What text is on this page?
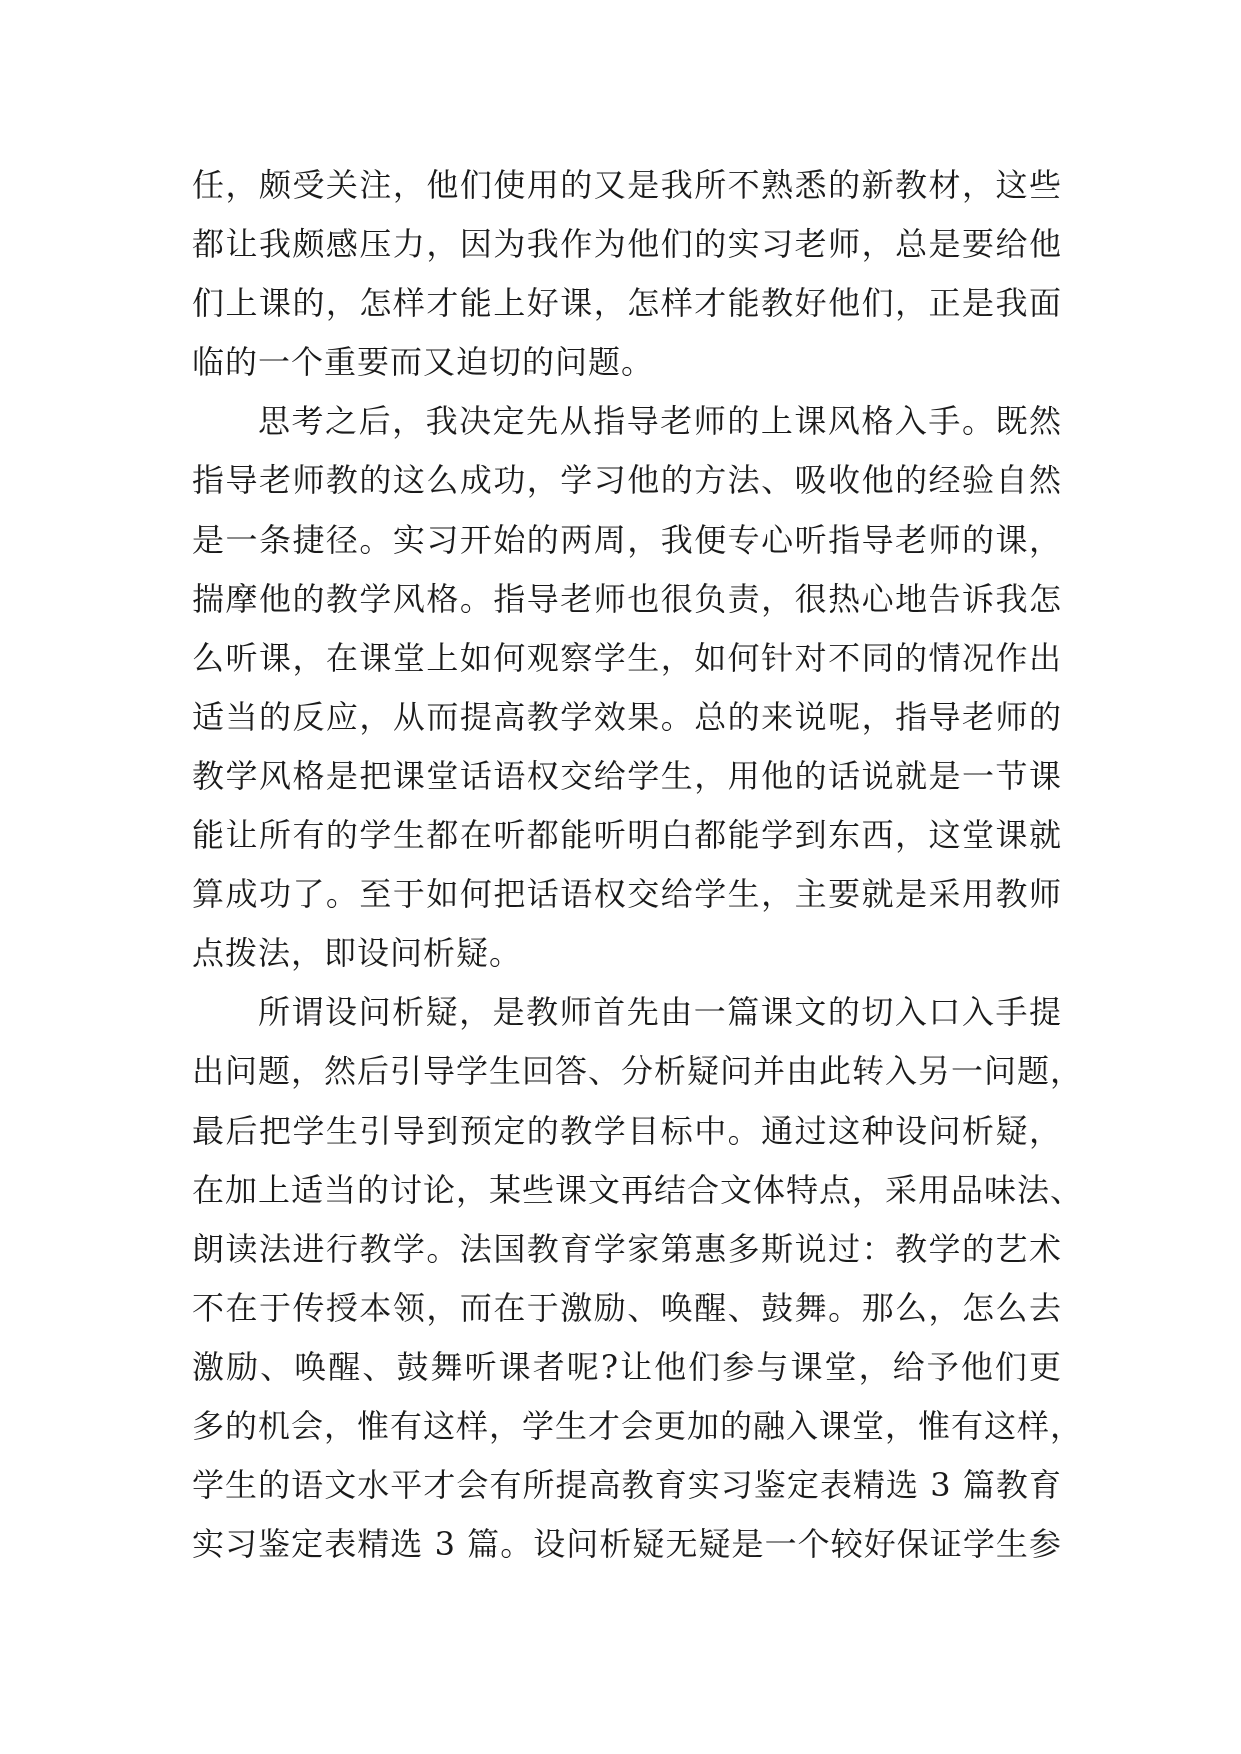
任，颇受关注，他们使用的又是我所不熟悉的新教材，这些
都让我颇感压力，因为我作为他们的实习老师，总是要给他
们上课的，怎样才能上好课，怎样才能教好他们，正是我面
临的一个重要而又迫切的问题。
思考之后，我决定先从指导老师的上课风格入手。既然
指导老师教的这么成功，学习他的方法、吸收他的经验自然
是一条捷径。实习开始的两周，我便专心听指导老师的课，
揣摩他的教学风格。指导老师也很负责，很热心地告诉我怎
么听课，在课堂上如何观察学生，如何针对不同的情况作出
适当的反应，从而提高教学效果。总的来说呢，指导老师的
教学风格是把课堂话语权交给学生，用他的话说就是一节课
能让所有的学生都在听都能听明白都能学到东西，这堂课就
算成功了。至于如何把话语权交给学生，主要就是采用教师
点拨法，即设问析疑。
所谓设问析疑，是教师首先由一篇课文的切入口入手提
出问题，然后引导学生回答、分析疑问并由此转入另一问题，
最后把学生引导到预定的教学目标中。通过这种设问析疑，
在加上适当的讨论，某些课文再结合文体特点，采用品味法、
朗读法进行教学。法国教育学家第惠多斯说过：教学的艺术
不在于传授本领，而在于激励、唤醒、鼓舞。那么，怎么去
激励、唤醒、鼓舞听课者呢?让他们参与课堂，给予他们更
多的机会，惟有这样，学生才会更加的融入课堂，惟有这样，
学生的语文水平才会有所提高教育实习鉴定表精选 3 篇教育
实习鉴定表精选 3 篇。设问析疑无疑是一个较好保证学生参
